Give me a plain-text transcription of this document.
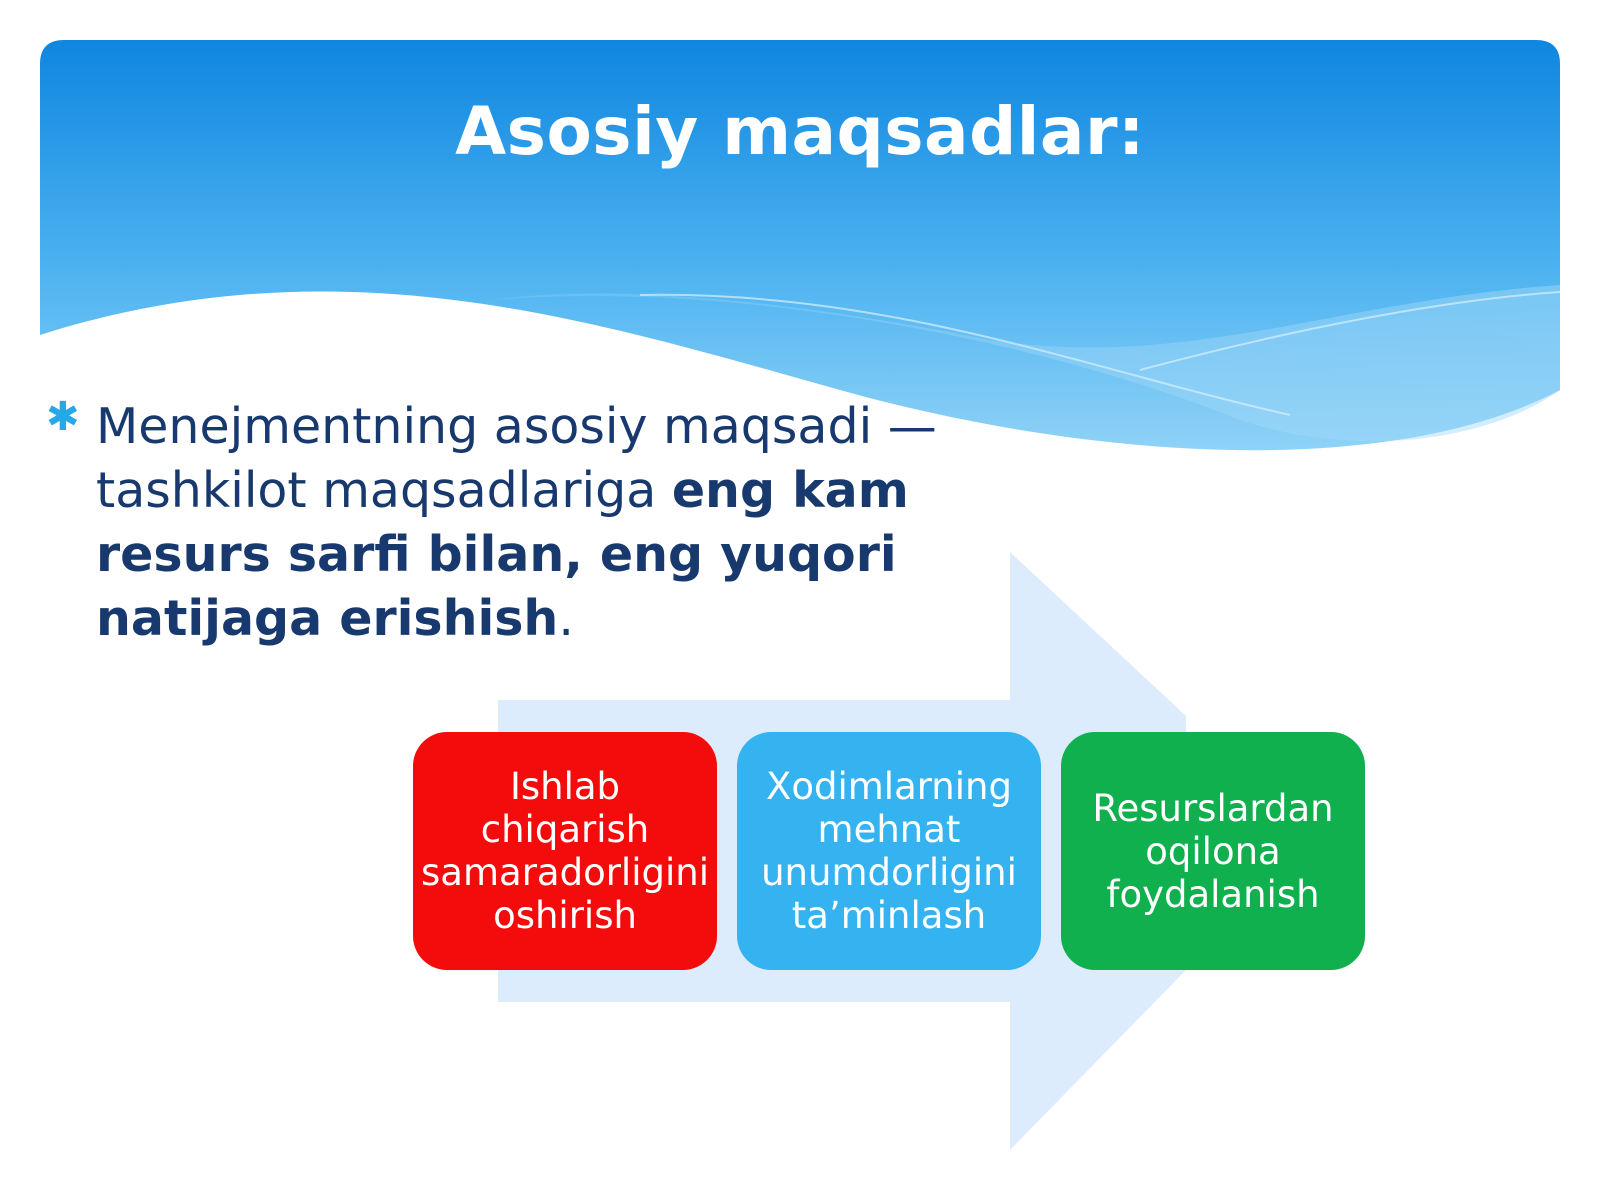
Asosiy maqsadlar:
✱ Menejmentning asosiy maqsadi — tashkilot maqsadlariga eng kam resurs sarfi bilan, eng yuqori natijaga erishish.
Ishlab chiqarish samaradorligini oshirish
Xodimlarning mehnat unumdorligini ta’minlash
Resurslardan oqilona foydalanish
